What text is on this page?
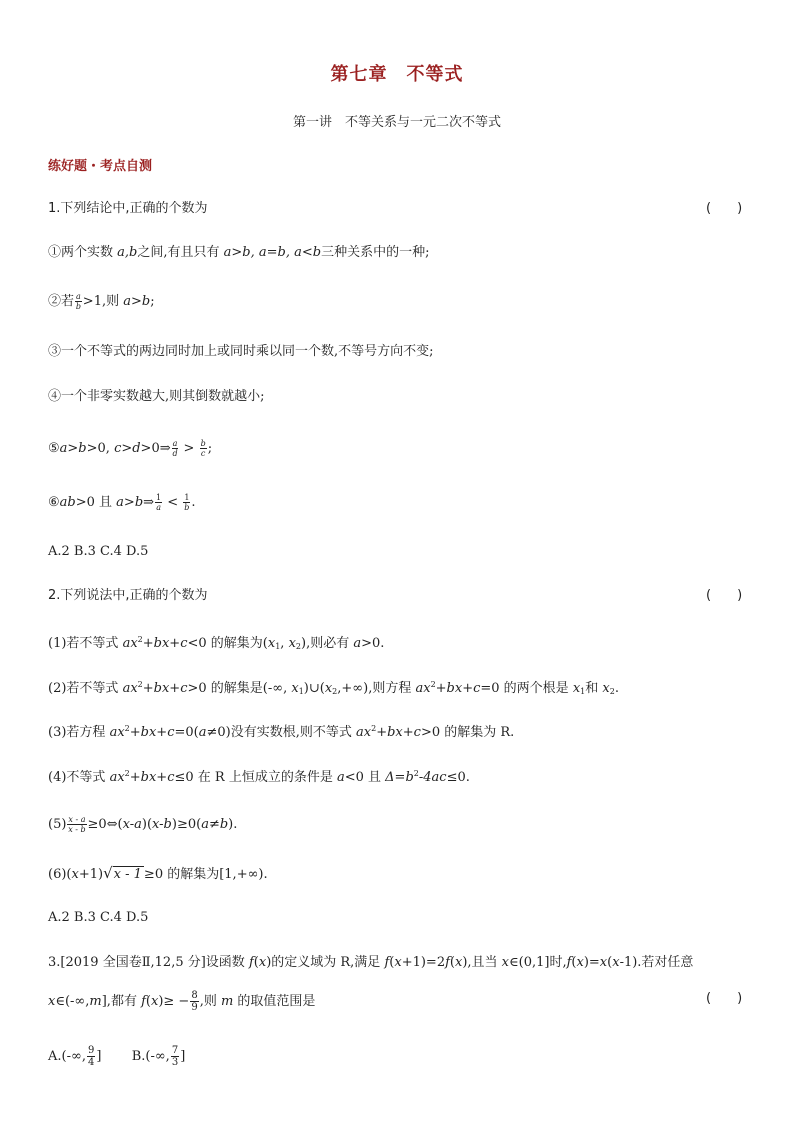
第七章　不等式
第一讲　不等关系与一元二次不等式
练好题・考点自测
1.下列结论中,正确的个数为	(　　)
①两个实数 a,b之间,有且只有 a>b, a=b, a<b三种关系中的一种;
②若 $\frac{a}{b} >1$,则 a>b;
③一个不等式的两边同时加上或同时乘以同一个数,不等号方向不变;
④一个非零实数越大,则其倒数就越小;
⑤a>b>0, c>d>0⇒ $\frac{a}{d} > \frac{b}{c}$ ;
⑥ab>0 且 a>b⇒ $\frac{1}{a} < \frac{1}{b}$ .
A.2 B.3 C.4 D.5
2.下列说法中,正确的个数为	(　　)
(1)若不等式 $ax^2+bx+c<0$ 的解集为($x_1$, $x_2$),则必有 a>0.
(2)若不等式 $ax^2+bx+c>0$ 的解集是(-∞, $x_1)\cup(x_2,+\infty)$,则方程 $ax^2+bx+c=0$ 的两个根是 $x_1$和 $x_2$.
(3)若方程 $ax^2+bx+c=0(a\ne 0)$没有实数根,则不等式 $ax^2+bx+c>0$ 的解集为 R.
(4)不等式 $ax^2+bx+c\le 0$ 在 R 上恒成立的条件是 a<0 且 $\Delta=b^2-4ac\le 0$.
$(5) \frac{x - a}{x - b}$ ≥0⇔(x-a)(x-b)≥0(a≠b).
(6)(x+1)√x - 1 ≥0 的解集为[1,+∞).
A.2 B.3 C.4 D.5
3.[2019 全国卷Ⅱ,12,5 分]设函数 f(x)的定义域为 R,满足 f(x+1)=2f(x),且当 x∈(0,1]时,f(x)=x(x-1).若对任意
x∈(-∞,m],都有 $f(x)\ge - \frac{8}{9}$ ,则 m 的取值范围是	(　　)
A.(-∞, $\frac{9}{4}$ ] B.(-∞, $\frac{7}{3}$ ]
